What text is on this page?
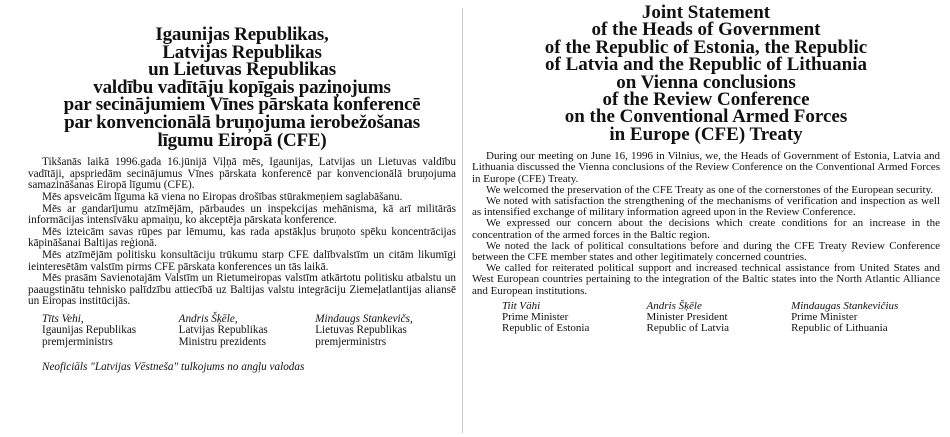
Igaunijas Republikas,
Latvijas Republikas
un Lietuvas Republikas
valdību vadītāju kopīgais paziņojums
par secinājumiem Vīnes pārskata konferencē
par konvencionālā bruņojuma ierobežošanas
līgumu Eiropā (CFE)

Tikšanās laikā 1996.gada 16.jūnijā Viļņā mēs, Igaunijas, Latvijas un Lietuvas valdību vadītāji, apspriedām secinājumus Vīnes pārskata konferencē par konvencionālā bruņojuma samazināšanas Eiropā līgumu (CFE).

Mēs apsveicām līguma kā viena no Eiropas drošības stūrakmeņiem saglabāšanu.

Mēs ar gandarījumu atzīmējām, pārbaudes un inspekcijas mehānisma, kā arī militārās informācijas intensīvāku apmaiņu, ko akceptēja pārskata konference.

Mēs izteicām savas rūpes par lēmumu, kas rada apstākļus bruņoto spēku koncentrācijas kāpināšanai Baltijas reģionā.

Mēs atzīmējām politisku konsultāciju trūkumu starp CFE dalībvalstīm un citām likumīgi ieinteresētām valstīm pirms CFE pārskata konferences un tās laikā.

Mēs prasām Savienotajām Valstīm un Rietumeiropas valstīm atkārtotu politisku atbalstu un paaugstinātu tehnisko palīdzību attiecībā uz Baltijas valstu integrāciju Ziemeļatlantijas aliansē un Eiropas institūcijās.

Tīts Vehi,
Igaunijas Republikas
premjerministrs
Andris Šķēle,
Latvijas Republikas
Ministru prezidents
Mindaugs Stankevičs,
Lietuvas Republikas
premjerministrs
Neoficiāls "Latvijas Vēstneša" tulkojums no angļu valodas
Joint Statement
of the Heads of Government
of the Republic of Estonia, the Republic
of Latvia and the Republic of Lithuania
on Vienna conclusions
of the Review Conference
on the Conventional Armed Forces
in Europe (CFE) Treaty

During our meeting on June 16, 1996 in Vilnius, we, the Heads of Government of Estonia, Latvia and Lithuania discussed the Vienna conclusions of the Review Conference on the Conventional Armed Forces in Europe (CFE) Treaty.

We welcomed the preservation of the CFE Treaty as one of the cornerstones of the European security.

We noted with satisfaction the strengthening of the mechanisms of verification and inspection as well as intensified exchange of military information agreed upon in the Review Conference.

We expressed our concern about the decisions which create conditions for an increase in the concentration of the armed forces in the Baltic region.

We noted the lack of political consultations before and during the CFE Treaty Review Conference between the CFE member states and other legitimately concerned countries.

We called for reiterated political support and increased technical assistance from United States and West European countries pertaining to the integration of the Baltic states into the North Atlantic Alliance and European institutions.

Tiit Vähi
Prime Minister
Republic of Estonia
Andris Šķēle
Minister President
Republic of Latvia
Mindaugas Stankevičius
Prime Minister
Republic of Lithuania
